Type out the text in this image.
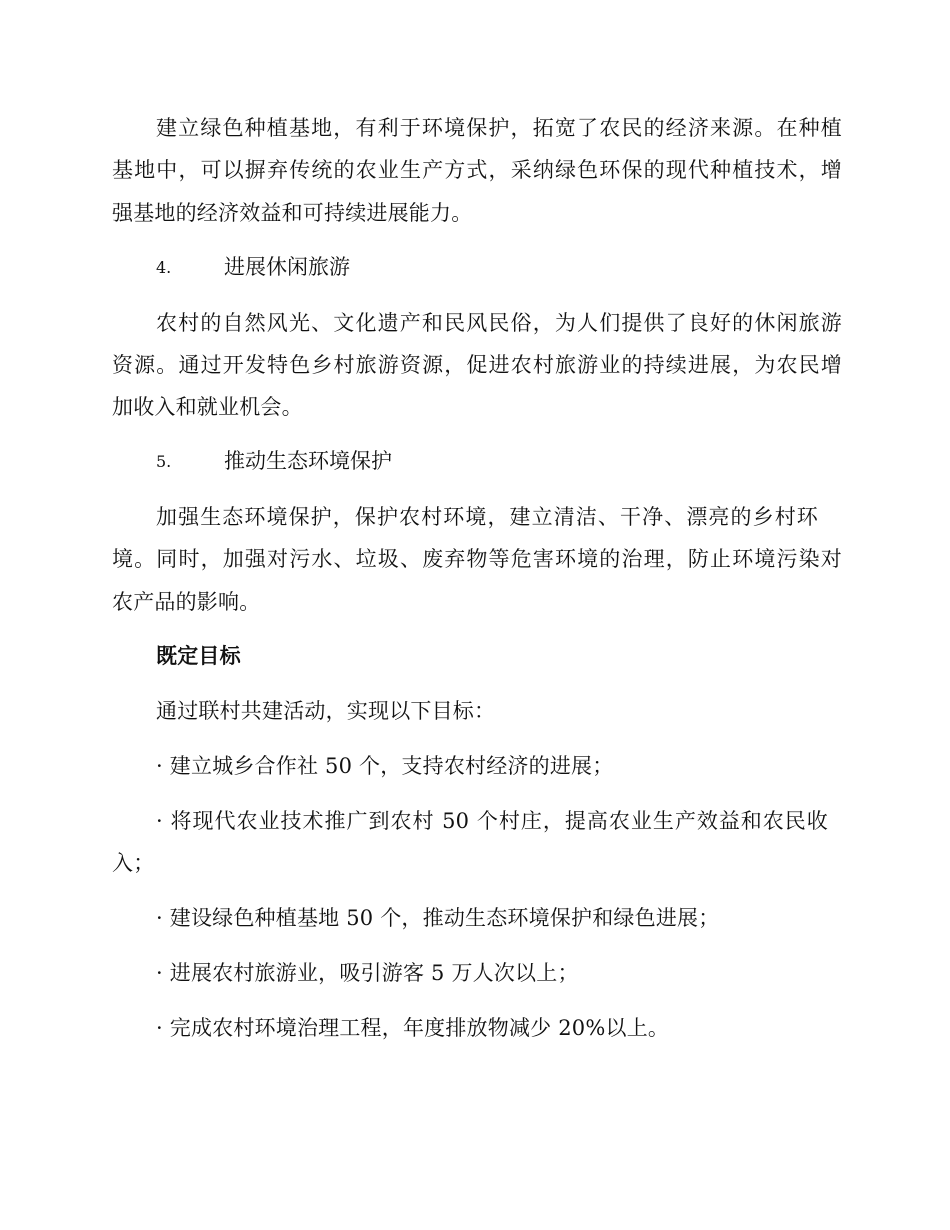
建立绿色种植基地，有利于环境保护，拓宽了农民的经济来源。在种植
基地中，可以摒弃传统的农业生产方式，采纳绿色环保的现代种植技术，增
强基地的经济效益和可持续进展能力。
4.	进展休闲旅游
农村的自然风光、文化遗产和民风民俗，为人们提供了良好的休闲旅游
资源。通过开发特色乡村旅游资源，促进农村旅游业的持续进展，为农民增
加收入和就业机会。
5.	推动生态环境保护
加强生态环境保护，保护农村环境，建立清洁、干净、漂亮的乡村环
境。同时，加强对污水、垃圾、废弃物等危害环境的治理，防止环境污染对
农产品的影响。
既定目标
通过联村共建活动，实现以下目标：
· 建立城乡合作社 50 个，支持农村经济的进展；
· 将现代农业技术推广到农村 50 个村庄，提高农业生产效益和农民收
入；
· 建设绿色种植基地 50 个，推动生态环境保护和绿色进展；
· 进展农村旅游业，吸引游客 5 万人次以上；
· 完成农村环境治理工程，年度排放物减少 20%以上。
